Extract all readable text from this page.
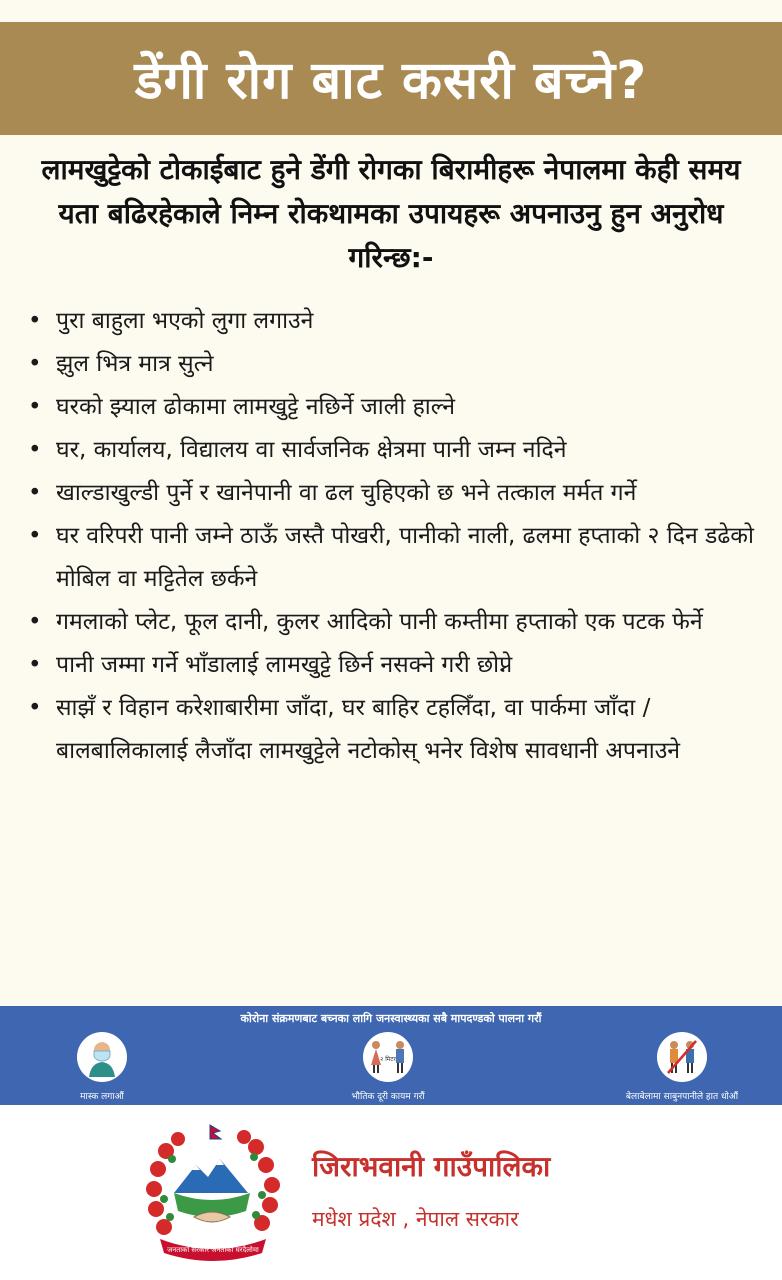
डेंगी रोग बाट कसरी बच्ने?
लामखुट्टेको टोकाईबाट हुने डेंगी रोगका बिरामीहरू नेपालमा केही समय यता बढिरहेकाले निम्न रोकथामका उपायहरू अपनाउनु हुन अनुरोध गरिन्छ:-
• पुरा बाहुला भएको लुगा लगाउने
• झुल भित्र मात्र सुत्ने
• घरको झ्याल ढोकामा लामखुट्टे नछिर्ने जाली हाल्ने
• घर, कार्यालय, विद्यालय वा सार्वजनिक क्षेत्रमा पानी जम्न नदिने
• खाल्डाखुल्डी पुर्ने र खानेपानी वा ढल चुहिएको छ भने तत्काल मर्मत गर्ने
• घर वरिपरी पानी जम्ने ठाऊँ जस्तै पोखरी, पानीको नाली, ढलमा हप्ताको २ दिन डढेको मोबिल वा मट्टितेल छर्कने
• गमलाको प्लेट, फूल दानी, कुलर आदिको पानी कम्तीमा हप्ताको एक पटक फेर्ने
• पानी जम्मा गर्ने भाँडालाई लामखुट्टे छिर्न नसक्ने गरी छोप्ने
• साझँ र विहान करेशाबारीमा जाँदा, घर बाहिर टहलिँदा, वा पार्कमा जाँदा / बालबालिकालाई लैजाँदा लामखुट्टेले नटोकोस् भनेर विशेष सावधानी अपनाउने
कोरोना संक्रमणबाट बच्नका लागि जनस्वास्थ्यका सबै मापदण्डको पालना गरौं
मास्क लगाऔं
२ मिटर
भौतिक दूरी कायम गरौं	बेलाबेलामा साबुनपानीले हात धोऔं
जनताको सरकार जनताको घरदैलोमा
जिराभवानी गाउँपालिका
मधेश प्रदेश , नेपाल सरकार
